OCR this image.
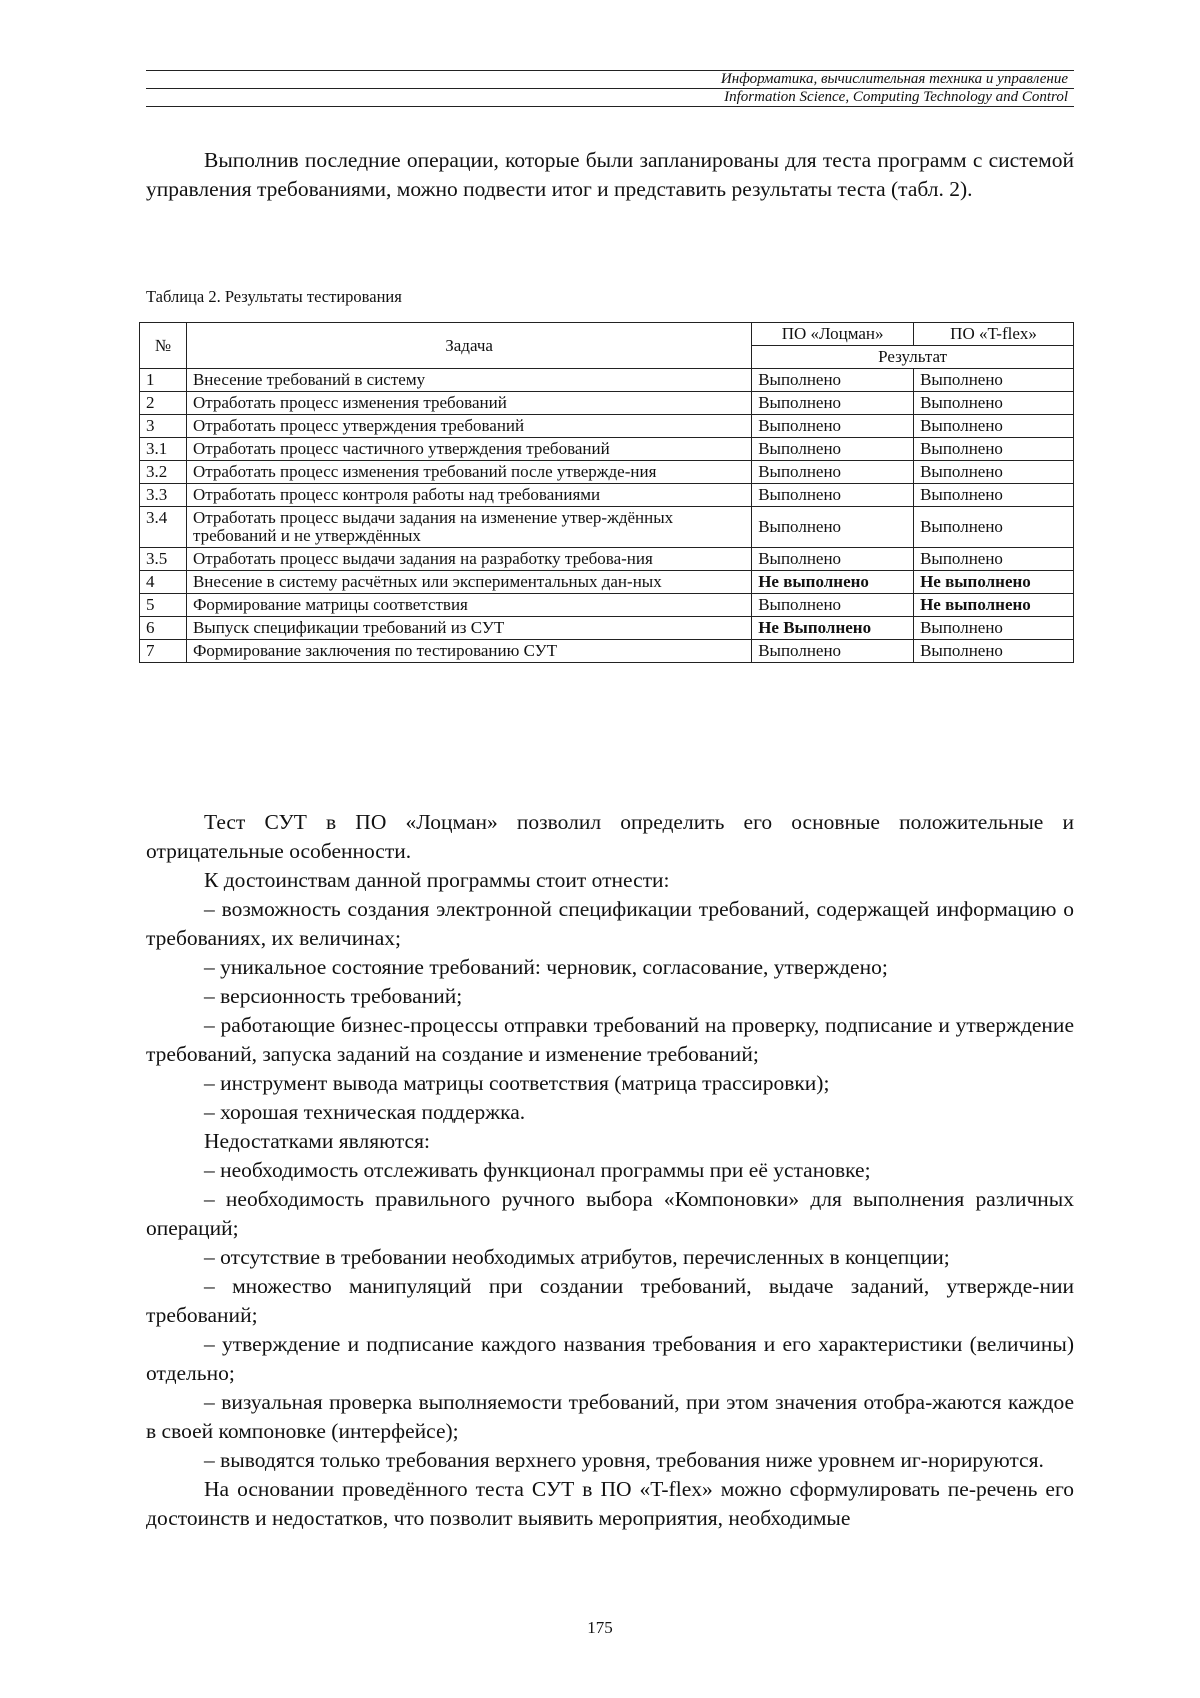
Информатика, вычислительная техника и управление
Information Science, Computing Technology and Control

Выполнив последние операции, которые были запланированы для теста программ с системой управления требованиями, можно подвести итог и представить результаты теста (табл. 2).

Таблица 2. Результаты тестирования
№	Задача	ПО «Лоцман»	ПО «T-flex»
		Результат	
1	Внесение требований в систему	Выполнено	Выполнено
2	Отработать процесс изменения требований	Выполнено	Выполнено
3	Отработать процесс утверждения требований	Выполнено	Выполнено
3.1	Отработать процесс частичного утверждения требований	Выполнено	Выполнено
3.2	Отработать процесс изменения требований после утвержде-ния	Выполнено	Выполнено
3.3	Отработать процесс контроля работы над требованиями	Выполнено	Выполнено
3.4	Отработать процесс выдачи задания на изменение утвер-ждённых требований и не утверждённых	Выполнено	Выполнено
3.5	Отработать процесс выдачи задания на разработку требова-ния	Выполнено	Выполнено
4	Внесение в систему расчётных или экспериментальных дан-ных	Не выполнено	Не выполнено
5	Формирование матрицы соответствия	Выполнено	Не выполнено
6	Выпуск спецификации требований из СУТ	Не Выполнено	Выполнено
7	Формирование заключения по тестированию СУТ	Выполнено	Выполнено

Тест СУТ в ПО «Лоцман» позволил определить его основные положительные и отрицательные особенности.

К достоинствам данной программы стоит отнести:

– возможность создания электронной спецификации требований, содержащей информацию о требованиях, их величинах;

– уникальное состояние требований: черновик, согласование, утверждено;

– версионность требований;

– работающие бизнес-процессы отправки требований на проверку, подписание и утверждение требований, запуска заданий на создание и изменение требований;

– инструмент вывода матрицы соответствия (матрица трассировки);

– хорошая техническая поддержка.

Недостатками являются:

– необходимость отслеживать функционал программы при её установке;

– необходимость правильного ручного выбора «Компоновки» для выполнения различных операций;

– отсутствие в требовании необходимых атрибутов, перечисленных в концепции;

– множество манипуляций при создании требований, выдаче заданий, утвержде-нии требований;

– утверждение и подписание каждого названия требования и его характеристики (величины) отдельно;

– визуальная проверка выполняемости требований, при этом значения отобра-жаются каждое в своей компоновке (интерфейсе);

– выводятся только требования верхнего уровня, требования ниже уровнем иг-норируются.

На основании проведённого теста СУТ в ПО «T-flex» можно сформулировать пе-речень его достоинств и недостатков, что позволит выявить мероприятия, необходимые

175
